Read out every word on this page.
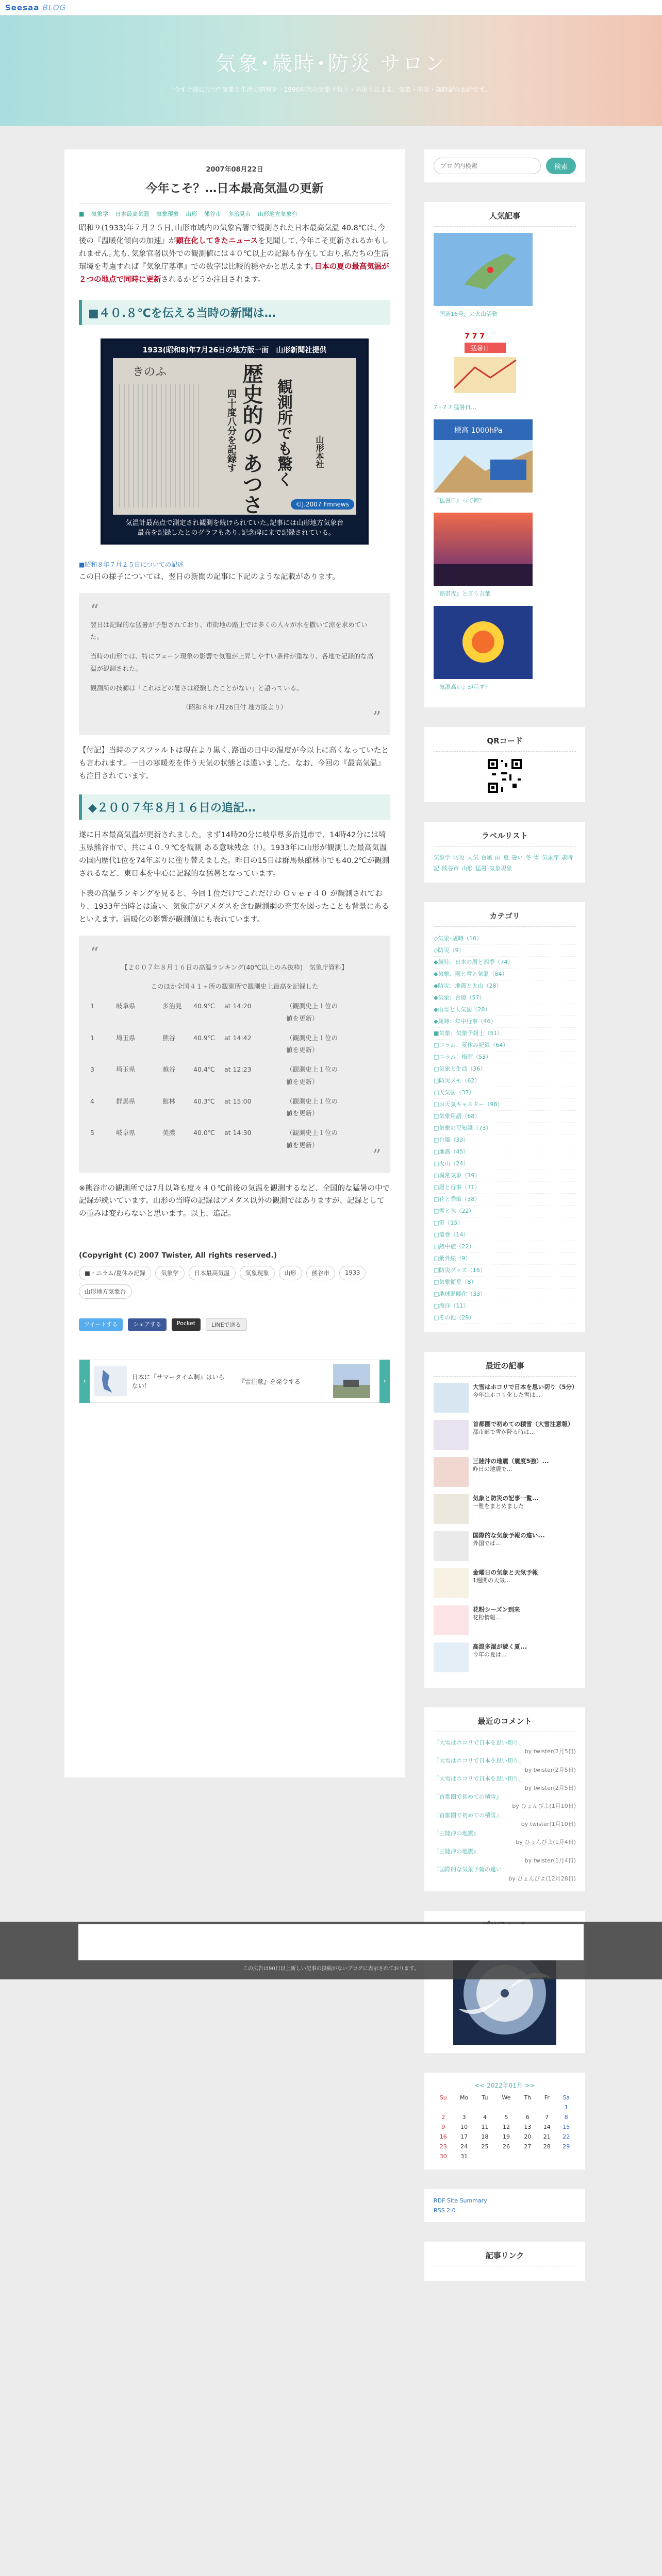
Seesaa BLOG
気象･歳時･防災 サロン
"今すぐ役に立つ" 気象と生活の情報を - 1990年代の気象予報士・防災士による、気象・防災・歳時記のお話です。
2007年08月22日
今年こそ？…日本最高気温の更新
■ 気象学 日本最高気温 気象現象 山形 熊谷市 多治見市 山形地方気象台

昭和９(1933)年７月２５日､山形市域内の気象官署で観測された日本最高気温 40.8℃は､今後の『温暖化傾向の加速』が顕在化してきたニュースを見聞して､今年こそ更新されるかもしれません｡尤も､気象官署以外での観測値には４０℃以上の記録も存在しており,私たちの生活環境を考慮すれば『気象庁基準』での数字は比較的穏やかと思えます｡日本の夏の最高気温が２つの地点で同時に更新されるかどうか注目されます。

■４０.８℃を伝える当時の新聞は…
1933(昭和8)年7月26日の地方版一面　山形新聞社提供
きのふ	歴史的の あつさ 観測所でも驚く
四十度八分を記録す	山形本社
©J.2007 Fmnews
気温計最高点で測定され観測を続けられていた｡記事には山形地方気象台
最高を記録したとのグラフもあり､記念碑にまで記録されている｡
■昭和８年７月２５日についての記述

この日の様子については、翌日の新聞の記事に下記のような記載があります。

“

翌日は記録的な猛暑が予想されており、市街地の路上では多くの人々が水を撒いて涼を求めていた。

当時の山形では、特にフェーン現象の影響で気温が上昇しやすい条件が重なり、各地で記録的な高温が観測された。

観測所の技師は「これほどの暑さは経験したことがない」と語っている。

（昭和８年7月26日付 地方版より）

”

【付記】当時のアスファルトは現在より黒く､路面の日中の温度が今以上に高くなっていたとも言われます。一日の寒暖差を伴う天気の状態とは違いました。なお、今回の『最高気温』も注目されています。

◆２００７年８月１６日の追記…

遂に日本最高気温が更新されました。まず14時20分に岐阜県多治見市で、14時42分には埼玉県熊谷市で、共に４０.９℃を観測 ある意味残念（!）。1933年に山形が観測した最高気温の国内歴代1位を74年ぶりに塗り替えました。昨日の15日は群馬県館林市でも40.2℃が観測されるなど、東日本を中心に記録的な猛暑となっています。

下表の高温ランキングを見ると、今回１位だけでこれだけの Ｏｖｅｒ４０ が観測されており、1933年当時とは違い、気象庁がアメダスを含む観測網の充実を図ったことも背景にあるといえます。温暖化の影響が観測値にも表れています。

“

【２００７年８月１６日の高温ランキング(40℃以上のみ抜粋)　気象庁資料】

このほか全国４１ヶ所の観測所で観測史上最高を記録した

1	岐阜県	多治見	40.9℃	at 14:20	（観測史上１位の値を更新）
1	埼玉県	熊谷	40.9℃	at 14:42	（観測史上１位の値を更新）
3	埼玉県	越谷	40.4℃	at 12:23	（観測史上１位の値を更新）
4	群馬県	館林	40.3℃	at 15:00	（観測史上１位の値を更新）
5	岐阜県	美濃	40.0℃	at 14:30	（観測史上１位の値を更新）
”

※熊谷市の観測所では7月以降も度々４０℃前後の気温を観測するなど、全国的な猛暑の中で記録が続いています。山形の当時の記録はアメダス以外の観測ではありますが、記録としての重みは変わらないと思います。以上、追記。

(Copyright (C) 2007 Twister, All rights reserved.)
■・ニラム/夏休み記録	気象学	日本最高気温	気象現象	山形	熊谷市	1933
山形地方気象台
ツイートする	シェアする	Pocket	LINEで送る
‹	日本に『サマータイム制』はいらない！
『雷注意』を発令する	›
ブログ内検索
検索
人気記事
『国道16号』の火山活動
7 7 7
猛暑日
7・7 7 猛暑日…
標高 1000hPa
『猛暑日』って何？
『熱帯夜』と言う言葉
『気温高い』が示す？
QRコード
ラベルリスト
気象学 防災 天気 台風 雨 夏 暑い 冬 雪 気象庁 歳時記 熊谷市 山形 猛暑 気象現象
カテゴリ
◇気象･歳時（10）
◇防災（9）
◆歳時：日本の暦と四季（74）
◆気象：雨と雪と気温（84）
◆防災：地震と火山（28）
◆気象：台風（57）
◆雨雪と天気図（28）
◆歳時：年中行事（46）
■気象：気象予報士（51）
□ニラム：夏休み記録（64）
□ニラム：梅雨（53）
□気象と生活（36）
□防災メモ（62）
□天気図（37）
□お天気キャスター（98）
□気象用語（68）
□気象の豆知識（73）
□台風（33）
□地震（45）
□火山（24）
□異常気象（19）
□暦と行事（71）
□花と季節（38）
□雪と氷（22）
□雷（15）
□竜巻（14）
□熱中症（22）
□紫外線（9）
□防災グッズ（16）
□気象衛星（8）
□地球温暖化（33）
□海洋（11）
□その他（29）
最近の記事
大雪はホコリで日本を思い切り（5分）
今年はホコリ化した雪は...
首都圏で初めての積雪（大雪注意報）
都市部で雪が降る時は...
三陸沖の地震（震度5強）...
昨日の地震で...
気象と防災の記事一覧...
一覧をまとめました
国際的な気象予報の違い...
外国では...
金曜日の気象と天気予報
1週間の天気...
花粉シーズン到来
花粉情報...
高温多湿が続く夏...
今年の夏は...
最近のコメント
『大雪はホコリで日本を思い切り』
by twister(2月5日)
『大雪はホコリで日本を思い切り』
by twister(2月5日)
『大雪はホコリで日本を思い切り』
by twister(2月5日)
『首都圏で初めての積雪』
by ひょんびよ(1月10日)
『首都圏で初めての積雪』
by twister(1月10日)
『三陸沖の地震』
by ひょんびよ(1月4日)
『三陸沖の地震』
by twister(1月4日)
『国際的な気象予報の違い』
by ひょんびよ(12月28日)
<< 2022年01月 >>
Su	Mo	Tu	We	Th	Fr	Sa
						1
2	3	4	5	6	7	8
9	10	11	12	13	14	15
16	17	18	19	20	21	22
23	24	25	26	27	28	29
30	31					
RDF Site Summary
RSS 2.0
記事リンク
この広告は90日以上新しい記事の投稿がないブログに表示されております。
